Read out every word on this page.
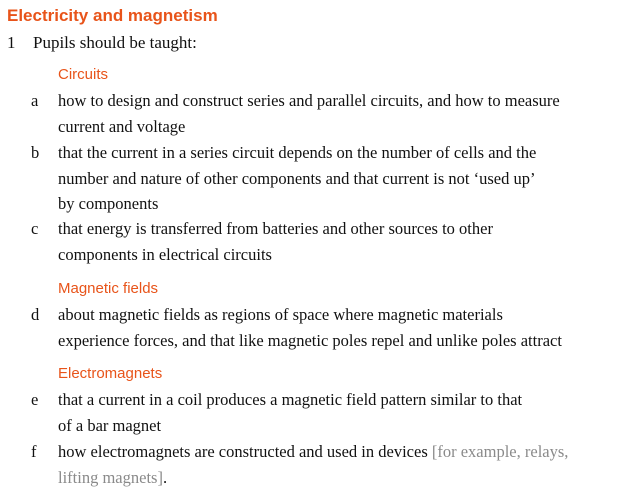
Electricity and magnetism
1 Pupils should be taught:
Circuits
a	how to design and construct series and parallel circuits, and how to measure
current and voltage
b	that the current in a series circuit depends on the number of cells and the
number and nature of other components and that current is not ‘used up’
by components
c	that energy is transferred from batteries and other sources to other
components in electrical circuits
Magnetic fields
d	about magnetic fields as regions of space where magnetic materials
experience forces, and that like magnetic poles repel and unlike poles attract
Electromagnets
e	that a current in a coil produces a magnetic field pattern similar to that
of a bar magnet
f	how electromagnets are constructed and used in devices [for example, relays,
lifting magnets].
